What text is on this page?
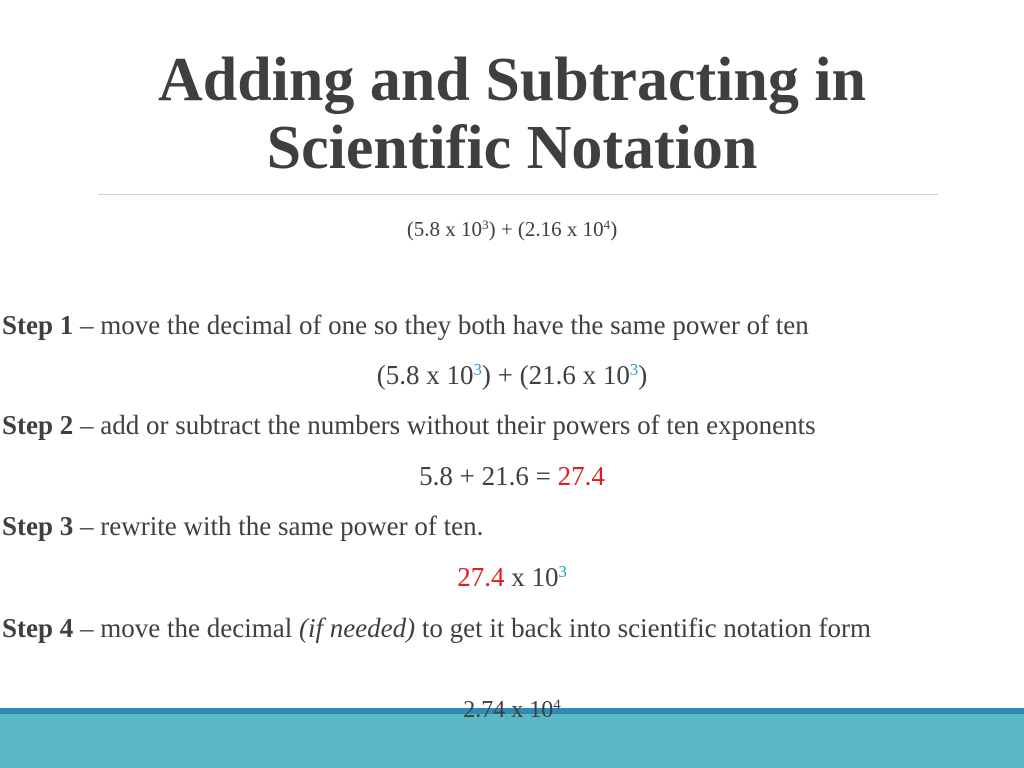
Adding and Subtracting in
Scientific Notation
(5.8 x $10^3) + (2.16$ x $10^4$)
Step 1 – move the decimal of one so they both have the same power of ten
(5.8 x $10^3) + (21.6$ x $10^3$)
Step 2 – add or subtract the numbers without their powers of ten exponents
5.8 + 21.6 = 27.4
Step 3 – rewrite with the same power of ten.
27.4 x $10^3$
Step 4 – move the decimal (if needed) to get it back into scientific notation form
2.74 x $10^4$
